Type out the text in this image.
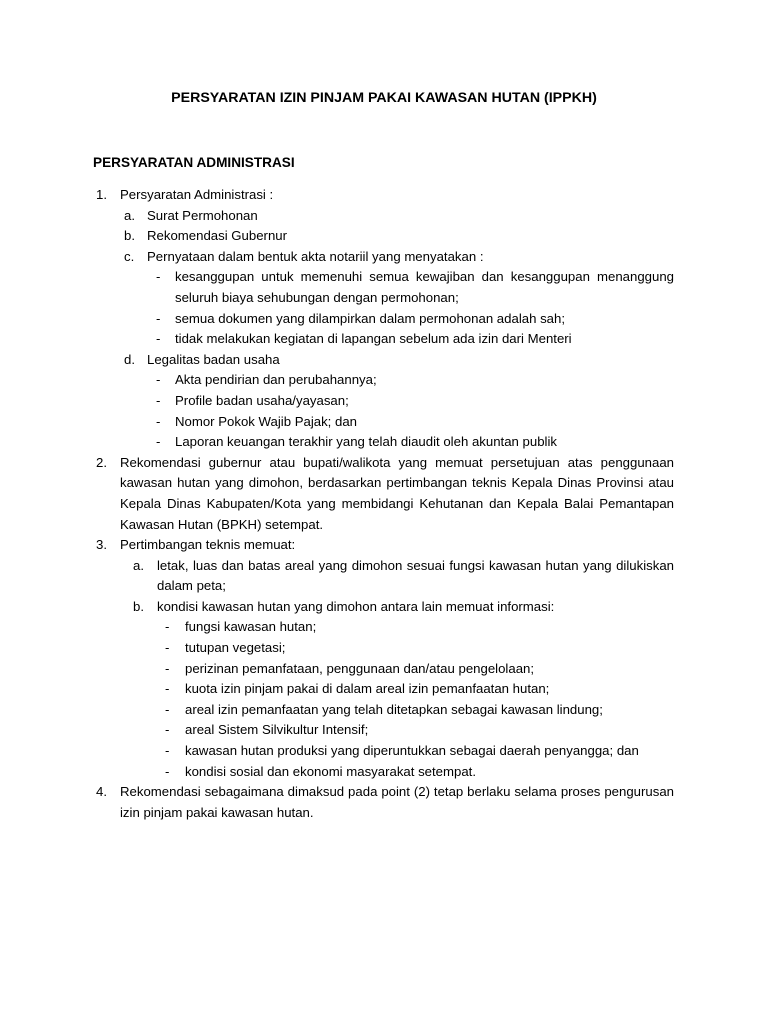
PERSYARATAN IZIN PINJAM PAKAI KAWASAN HUTAN (IPPKH)
PERSYARATAN ADMINISTRASI
1. Persyaratan Administrasi :
a. Surat Permohonan
b. Rekomendasi Gubernur
c. Pernyataan dalam bentuk akta notariil yang menyatakan :
- kesanggupan untuk memenuhi semua kewajiban dan kesanggupan menanggung seluruh biaya sehubungan dengan permohonan;
- semua dokumen yang dilampirkan dalam permohonan adalah sah;
- tidak melakukan kegiatan di lapangan sebelum ada izin dari Menteri
d. Legalitas badan usaha
- Akta pendirian dan perubahannya;
- Profile badan usaha/yayasan;
- Nomor Pokok Wajib Pajak; dan
- Laporan keuangan terakhir yang telah diaudit oleh akuntan publik
2. Rekomendasi gubernur atau bupati/walikota yang memuat persetujuan atas penggunaan kawasan hutan yang dimohon, berdasarkan pertimbangan teknis Kepala Dinas Provinsi atau Kepala Dinas Kabupaten/Kota yang membidangi Kehutanan dan Kepala Balai Pemantapan Kawasan Hutan (BPKH) setempat.
3. Pertimbangan teknis memuat:
a. letak, luas dan batas areal yang dimohon sesuai fungsi kawasan hutan yang dilukiskan dalam peta;
b. kondisi kawasan hutan yang dimohon antara lain memuat informasi:
- fungsi kawasan hutan;
- tutupan vegetasi;
- perizinan pemanfataan, penggunaan dan/atau pengelolaan;
- kuota izin pinjam pakai di dalam areal izin pemanfaatan hutan;
- areal izin pemanfaatan yang telah ditetapkan sebagai kawasan lindung;
- areal Sistem Silvikultur Intensif;
- kawasan hutan produksi yang diperuntukkan sebagai daerah penyangga; dan
- kondisi sosial dan ekonomi masyarakat setempat.
4. Rekomendasi sebagaimana dimaksud pada point (2) tetap berlaku selama proses pengurusan izin pinjam pakai kawasan hutan.
